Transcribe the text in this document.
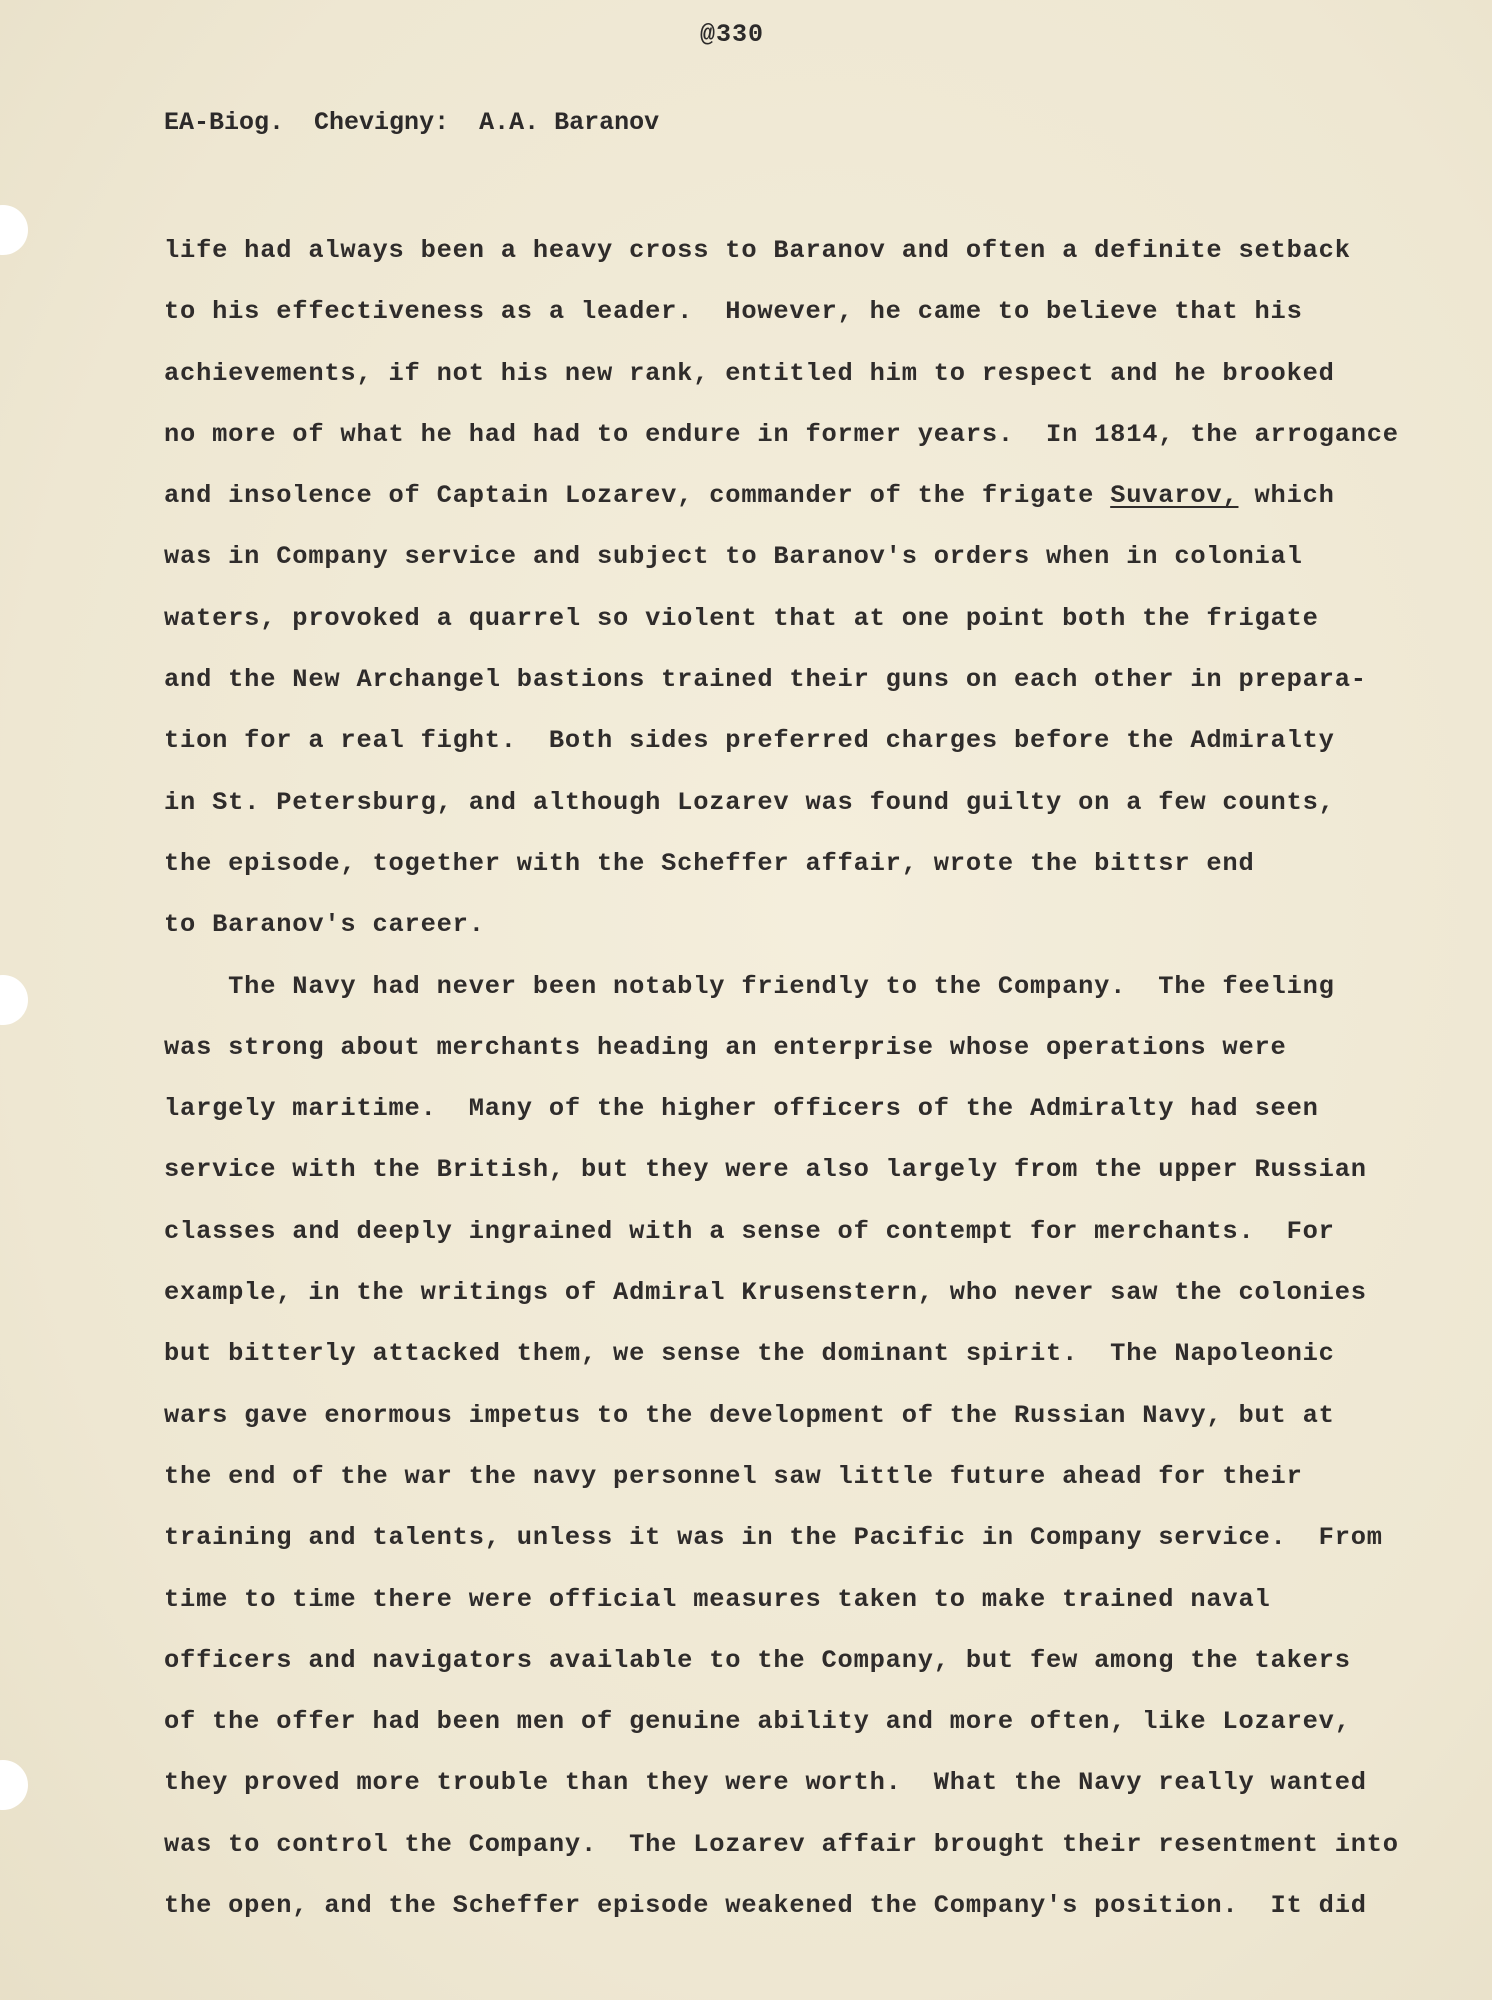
@330
EA-Biog. Chevigny: A.A. Baranov
life had always been a heavy cross to Baranov and often a definite setback
to his effectiveness as a leader.  However, he came to believe that his
achievements, if not his new rank, entitled him to respect and he brooked
no more of what he had had to endure in former years.  In 1814, the arrogance
and insolence of Captain Lozarev, commander of the frigate Suvarov, which
was in Company service and subject to Baranov's orders when in colonial
waters, provoked a quarrel so violent that at one point both the frigate
and the New Archangel bastions trained their guns on each other in prepara-
tion for a real fight.  Both sides preferred charges before the Admiralty
in St. Petersburg, and although Lozarev was found guilty on a few counts,
the episode, together with the Scheffer affair, wrote the bittsr end
to Baranov's career.
The Navy had never been notably friendly to the Company.  The feeling
was strong about merchants heading an enterprise whose operations were
largely maritime.  Many of the higher officers of the Admiralty had seen
service with the British, but they were also largely from the upper Russian
classes and deeply ingrained with a sense of contempt for merchants.  For
example, in the writings of Admiral Krusenstern, who never saw the colonies
but bitterly attacked them, we sense the dominant spirit.  The Napoleonic
wars gave enormous impetus to the development of the Russian Navy, but at
the end of the war the navy personnel saw little future ahead for their
training and talents, unless it was in the Pacific in Company service.  From
time to time there were official measures taken to make trained naval
officers and navigators available to the Company, but few among the takers
of the offer had been men of genuine ability and more often, like Lozarev,
they proved more trouble than they were worth.  What the Navy really wanted
was to control the Company.  The Lozarev affair brought their resentment into
the open, and the Scheffer episode weakened the Company's position.  It did
